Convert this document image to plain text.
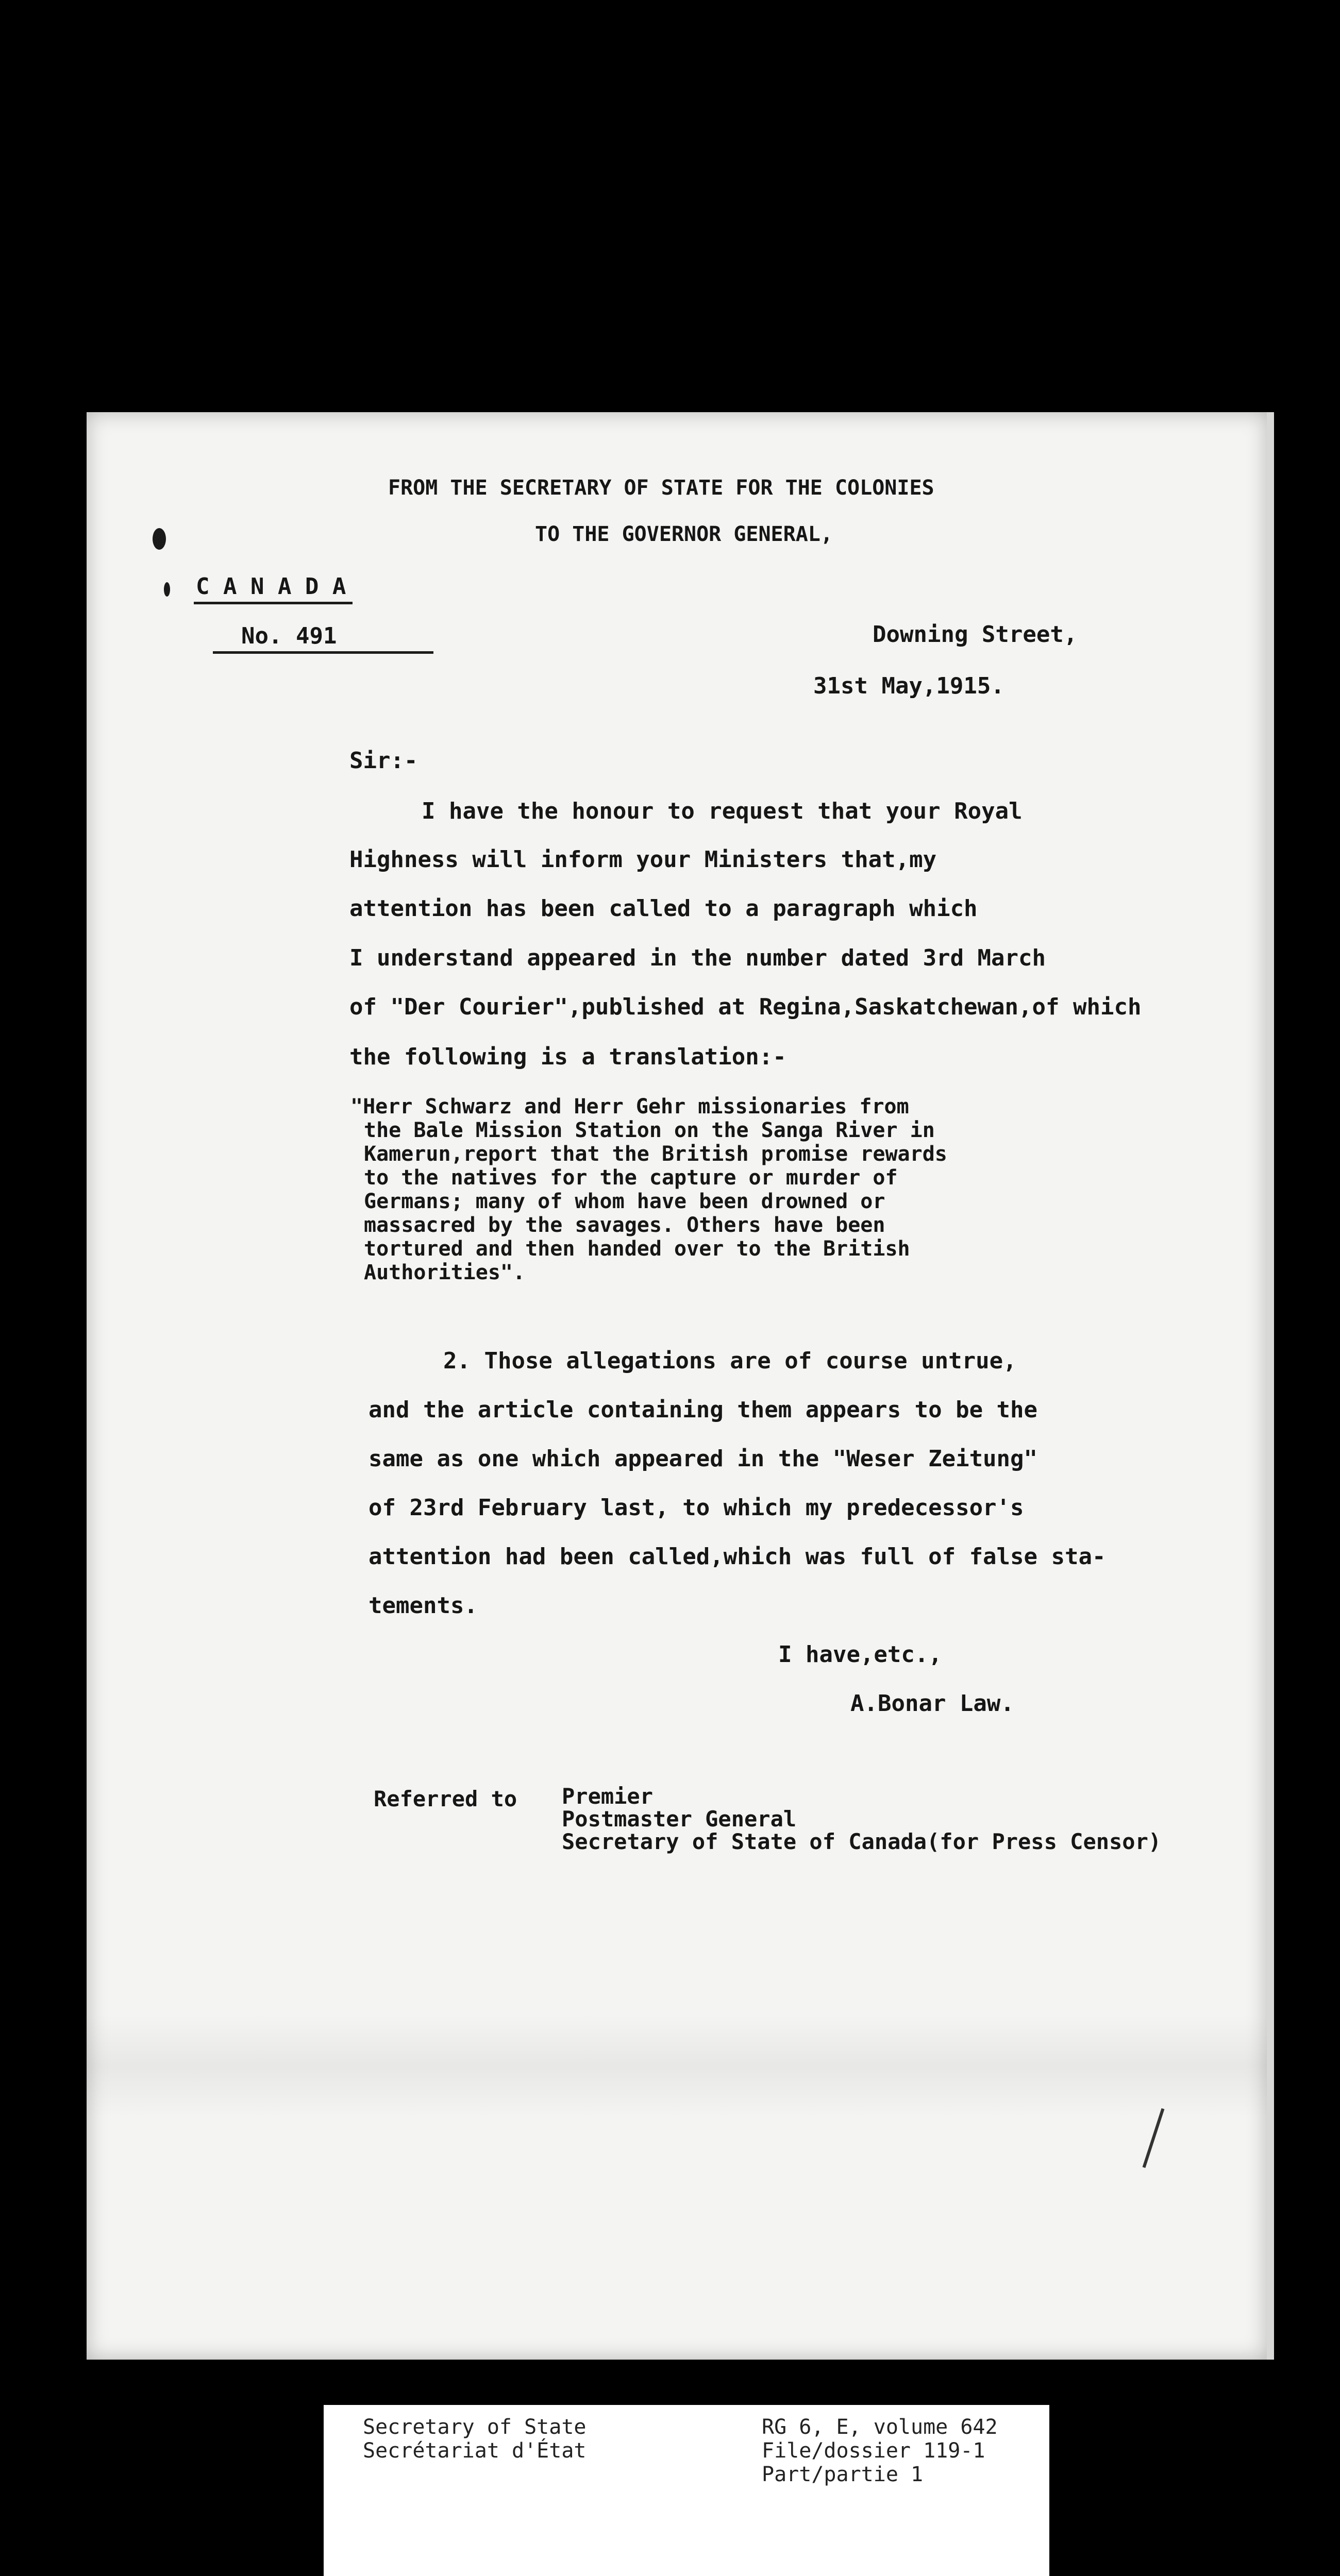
FROM THE SECRETARY OF STATE FOR THE COLONIES
TO THE GOVERNOR GENERAL,
C A N A D A
No. 491	Downing Street,
31st May,1915.
Sir:-
I have the honour to request that your Royal
Highness will inform your Ministers that,my
attention has been called to a paragraph which
I understand appeared in the number dated 3rd March
of "Der Courier",published at Regina,Saskatchewan,of which
the following is a translation:-
"Herr Schwarz and Herr Gehr missionaries from
the Bale Mission Station on the Sanga River in
Kamerun,report that the British promise rewards
to the natives for the capture or murder of
Germans; many of whom have been drowned or
massacred by the savages. Others have been
tortured and then handed over to the British
Authorities".
2. Those allegations are of course untrue,
and the article containing them appears to be the
same as one which appeared in the "Weser Zeitung"
of 23rd February last, to which my predecessor's
attention had been called,which was full of false sta-
tements.
I have,etc.,
A.Bonar Law.
Referred to Premier
Postmaster General
Secretary of State of Canada(for Press Censor)
Secretary of State
Secrétariat d'État
RG 6, E, volume 642
File/dossier 119-1
Part/partie 1
